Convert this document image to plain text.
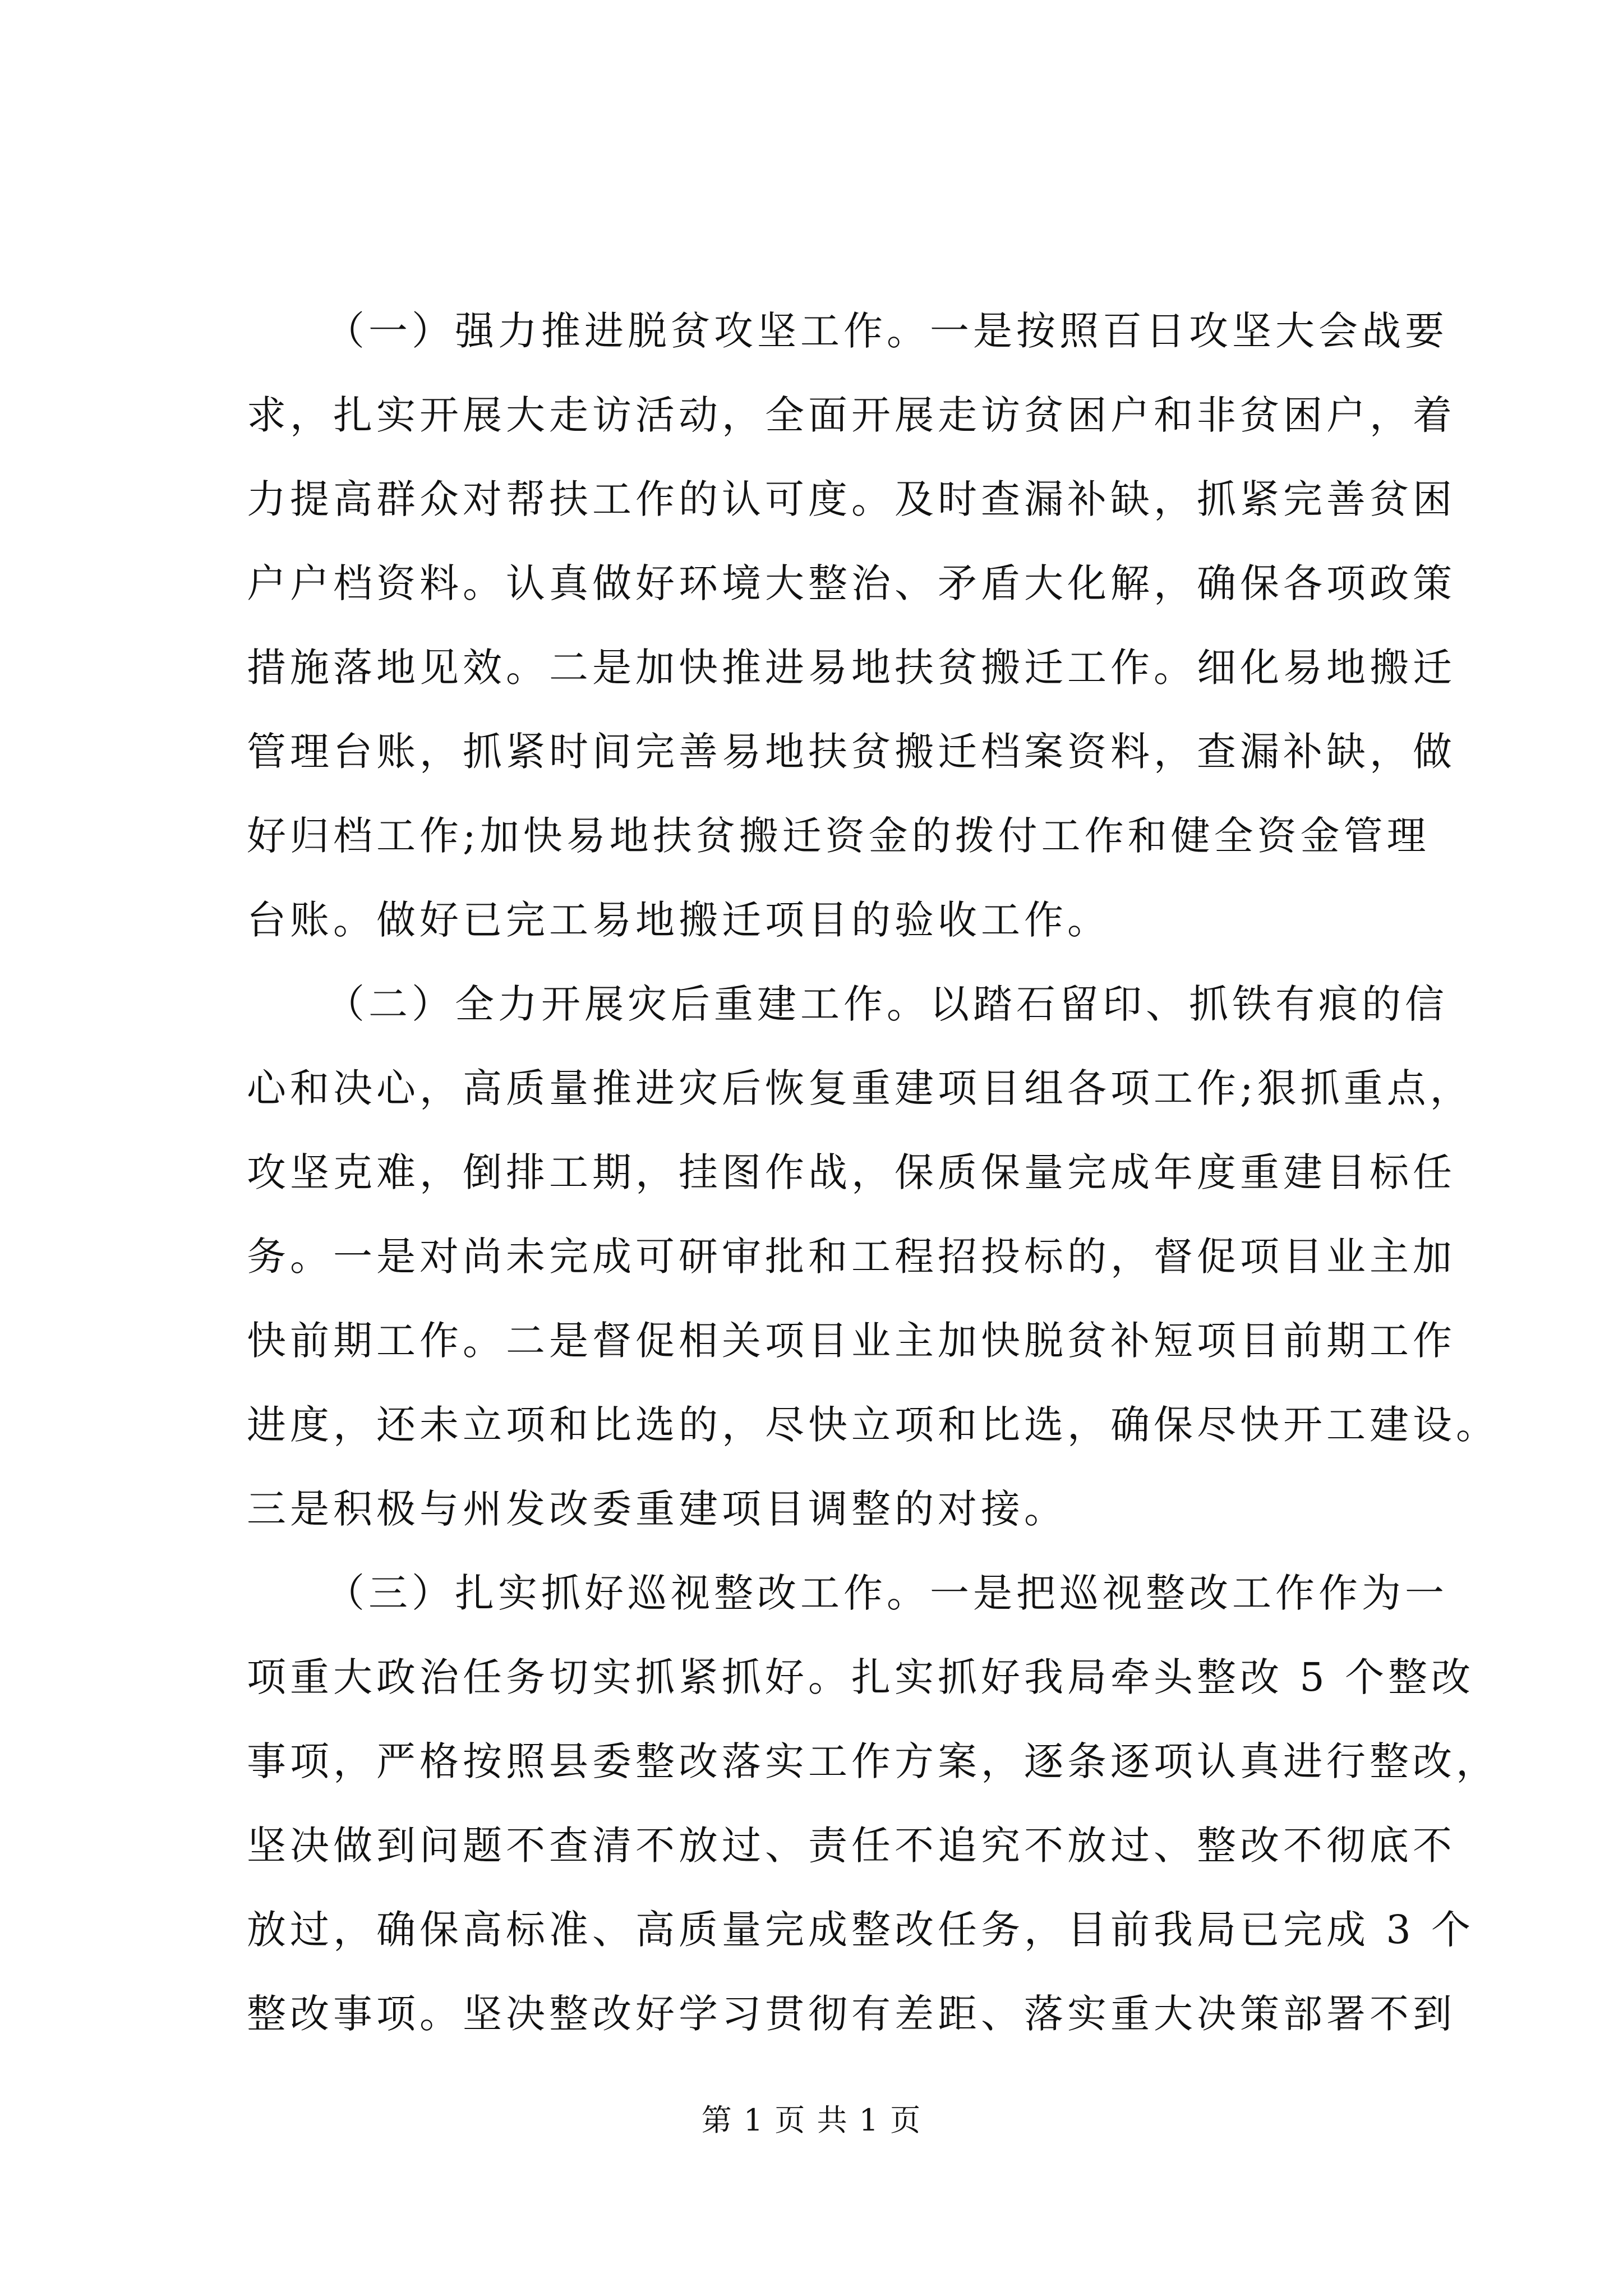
（一）强力推进脱贫攻坚工作。一是按照百日攻坚大会战要
求，扎实开展大走访活动，全面开展走访贫困户和非贫困户，着
力提高群众对帮扶工作的认可度。及时查漏补缺，抓紧完善贫困
户户档资料。认真做好环境大整治、矛盾大化解，确保各项政策
措施落地见效。二是加快推进易地扶贫搬迁工作。细化易地搬迁
管理台账，抓紧时间完善易地扶贫搬迁档案资料，查漏补缺，做
好归档工作;加快易地扶贫搬迁资金的拨付工作和健全资金管理
台账。做好已完工易地搬迁项目的验收工作。
（二）全力开展灾后重建工作。以踏石留印、抓铁有痕的信
心和决心，高质量推进灾后恢复重建项目组各项工作;狠抓重点，
攻坚克难，倒排工期，挂图作战，保质保量完成年度重建目标任
务。一是对尚未完成可研审批和工程招投标的，督促项目业主加
快前期工作。二是督促相关项目业主加快脱贫补短项目前期工作
进度，还未立项和比选的，尽快立项和比选，确保尽快开工建设。
三是积极与州发改委重建项目调整的对接。
（三）扎实抓好巡视整改工作。一是把巡视整改工作作为一
项重大政治任务切实抓紧抓好。扎实抓好我局牵头整改 5 个整改
事项，严格按照县委整改落实工作方案，逐条逐项认真进行整改，
坚决做到问题不查清不放过、责任不追究不放过、整改不彻底不
放过，确保高标准、高质量完成整改任务，目前我局已完成 3 个
整改事项。坚决整改好学习贯彻有差距、落实重大决策部署不到
第 1 页 共 1 页
